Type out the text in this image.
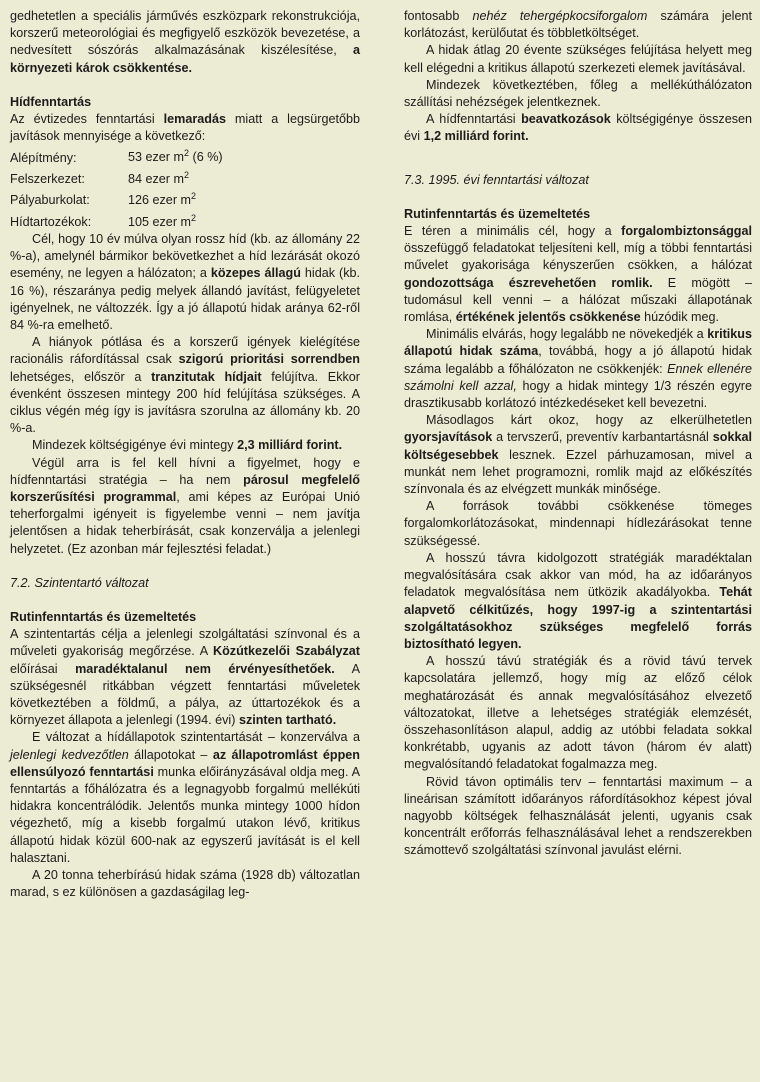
gedhetetlen a speciális járművés eszközpark rekonstrukciója, korszerű meteorológiai és megfigyelő eszközök bevezetése, a nedvesített sószórás alkalmazásának kiszélesítése, a környezeti károk csökkentése.

Hídfenntartás

Az évtizedes fenntartási lemaradás miatt a legsürgetőbb javítások mennyisége a következő:

Alépítmény:	53 ezer $m^2$ (6 %)
Felszerkezet:	84 ezer $m^2$
Pályaburkolat:	126 ezer $m^2$
Hídtartozékok:	105 ezer $m^2$

Cél, hogy 10 év múlva olyan rossz híd (kb. az állomány 22 %-a), amelynél bármikor bekövetkezhet a híd lezárását okozó esemény, ne legyen a hálózaton; a közepes állagú hidak (kb. 16 %), részaránya pedig melyek állandó javítást, felügyeletet igényelnek, ne változzék. Így a jó állapotú hidak aránya 62-ről 84 %-ra emelhető.

A hiányok pótlása és a korszerű igények kielégítése racionális ráfordítással csak szigorú prioritási sorrendben lehetséges, először a tranzitutak hídjait felújítva. Ekkor évenként összesen mintegy 200 híd felújítása szükséges. A ciklus végén még így is javításra szorulna az állomány kb. 20 %-a.

Mindezek költségigénye évi mintegy 2,3 milliárd forint.

Végül arra is fel kell hívni a figyelmet, hogy e hídfenntartási stratégia – ha nem párosul megfelelő korszerűsítési programmal, ami képes az Európai Unió teherforgalmi igényeit is figyelembe venni – nem javítja jelentősen a hidak teherbírását, csak konzerválja a jelenlegi helyzetet. (Ez azonban már fejlesztési feladat.)

7.2. Szintentartó változat
Rutinfenntartás és üzemeltetés

A szintentartás célja a jelenlegi szolgáltatási színvonal és a műveleti gyakoriság megőrzése. A Közútkezelői Szabályzat előírásai maradéktalanul nem érvényesíthetőek. A szükségesnél ritkábban végzett fenntartási műveletek következtében a földmű, a pálya, az úttartozékok és a környezet állapota a jelenlegi (1994. évi) szinten tartható.

E változat a hídállapotok szintentartását – konzerválva a jelenlegi kedvezőtlen állapotokat – az állapotromlást éppen ellensúlyozó fenntartási munka előirányzásával oldja meg. A fenntartás a főhálózatra és a legnagyobb forgalmú mellékúti hidakra koncentrálódik. Jelentős munka mintegy 1000 hídon végezhető, míg a kisebb forgalmú utakon lévő, kritikus állapotú hidak közül 600-nak az egyszerű javítását is el kell halasztani.

A 20 tonna teherbírású hidak száma (1928 db) változatlan marad, s ez különösen a gazdaságilag leg-

fontosabb nehéz tehergépkocsiforgalom számára jelent korlátozást, kerülőutat és többletköltséget.

A hidak átlag 20 évente szükséges felújítása helyett meg kell elégedni a kritikus állapotú szerkezeti elemek javításával.

Mindezek következtében, főleg a mellékúthálózaton szállítási nehézségek jelentkeznek.

A hídfenntartási beavatkozások költségigénye összesen évi 1,2 milliárd forint.

7.3. 1995. évi fenntartási változat
Rutinfenntartás és üzemeltetés

E téren a minimális cél, hogy a forgalombiztonsággal összefüggő feladatokat teljesíteni kell, míg a többi fenntartási művelet gyakorisága kényszerűen csökken, a hálózat gondozottsága észrevehetően romlik. E mögött – tudomásul kell venni – a hálózat műszaki állapotának romlása, értékének jelentős csökkenése húzódik meg.

Minimális elvárás, hogy legalább ne növekedjék a kritikus állapotú hidak száma, továbbá, hogy a jó állapotú hidak száma legalább a főhálózaton ne csökkenjék: Ennek ellenére számolni kell azzal, hogy a hidak mintegy 1/3 részén egyre drasztikusabb korlátozó intézkedéseket kell bevezetni.

Másodlagos kárt okoz, hogy az elkerülhetetlen gyorsjavítások a tervszerű, preventív karbantartásnál sokkal költségesebbek lesznek. Ezzel párhuzamosan, mivel a munkát nem lehet programozni, romlik majd az előkészítés színvonala és az elvégzett munkák minősége.

A források további csökkenése tömeges forgalomkorlátozásokat, mindennapi hídlezárásokat tenne szükségessé.

A hosszú távra kidolgozott stratégiák maradéktalan megvalósítására csak akkor van mód, ha az időarányos feladatok megvalósítása nem ütközik akadályokba. Tehát alapvető célkitűzés, hogy 1997-ig a szintentartási szolgáltatásokhoz szükséges megfelelő forrás biztosítható legyen.

A hosszú távú stratégiák és a rövid távú tervek kapcsolatára jellemző, hogy míg az előző célok meghatározását és annak megvalósításához elvezető változatokat, illetve a lehetséges stratégiák elemzését, összehasonlításon alapul, addig az utóbbi feladata sokkal konkrétabb, ugyanis az adott távon (három év alatt) megvalósítandó feladatokat fogalmazza meg.

Rövid távon optimális terv – fenntartási maximum – a lineárisan számított időarányos ráfordításokhoz képest jóval nagyobb költségek felhasználását jelenti, ugyanis csak koncentrált erőforrás felhasználásával lehet a rendszerekben számottevő szolgáltatási színvonal javulást elérni.
